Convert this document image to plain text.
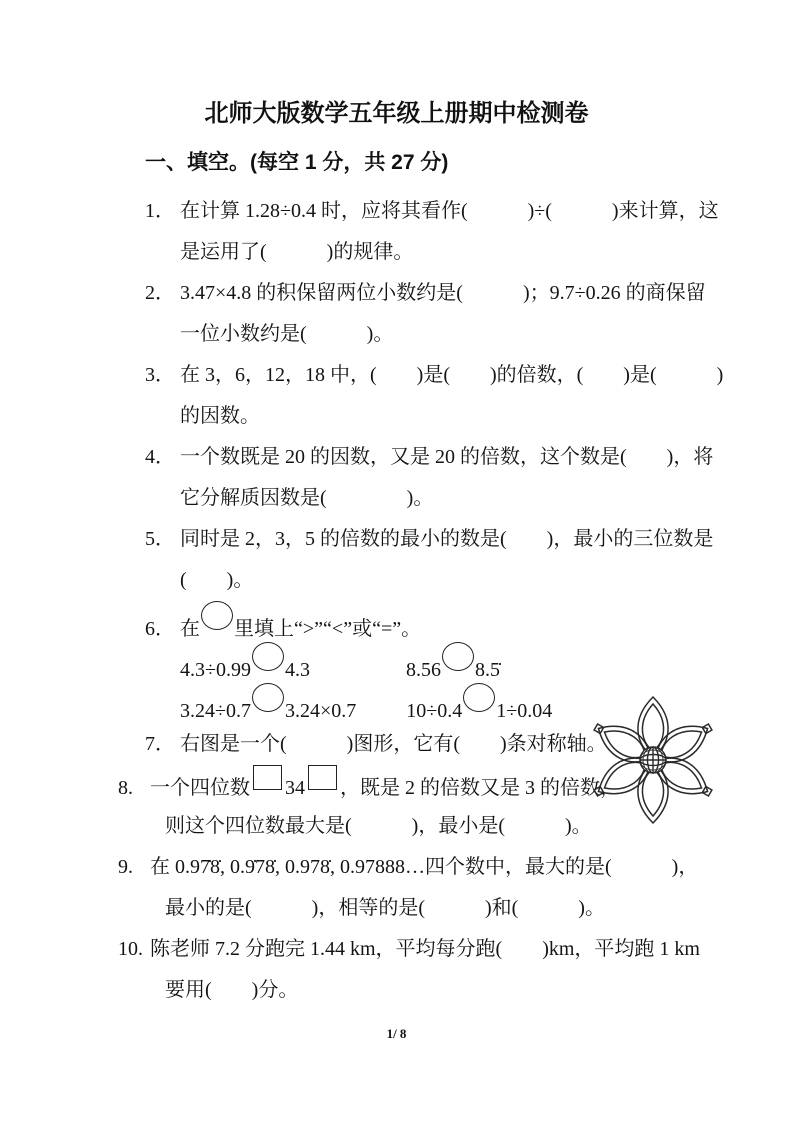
北师大版数学五年级上册期中检测卷
一、填空。(每空 1 分，共 27 分)
1． 在计算 1.28÷0.4 时，应将其看作(　　　)÷(　　　)来计算，这
是运用了(　　　)的规律。
2． 3.47×4.8 的积保留两位小数约是(　　　)；9.7÷0.26 的商保留
一位小数约是(　　　)。
3． 在 3，6，12，18 中，(　　)是(　　)的倍数，(　　)是(　　　)
的因数。
4． 一个数既是 20 的因数，又是 20 的倍数，这个数是(　　)，将
它分解质因数是(　　　　)。
5． 同时是 2，3，5 的倍数的最小的数是(　　)，最小的三位数是
(　　)。
6． 在 里填上“>”“<”或“=”。
4.3÷0.99 4.3	8.56 8.5̇
3.24÷0.7 3.24×0.7	10÷0.4 1÷0.04
7． 右图是一个(　　　)图形，它有(　　)条对称轴。
8. 一个四位数 34 ，既是 2 的倍数又是 3 的倍数，
则这个四位数最大是(　　　)，最小是(　　　)。
9. 在 0.97̇8̇, 0.9̇78̇, 0.978̇, 0.97888…四个数中，最大的是(　　　)，
最小的是(　　　)，相等的是(　　　)和(　　　)。
10. 陈老师 7.2 分跑完 1.44 km，平均每分跑(　　)km，平均跑 1 km
要用(　　)分。
1/ 8
